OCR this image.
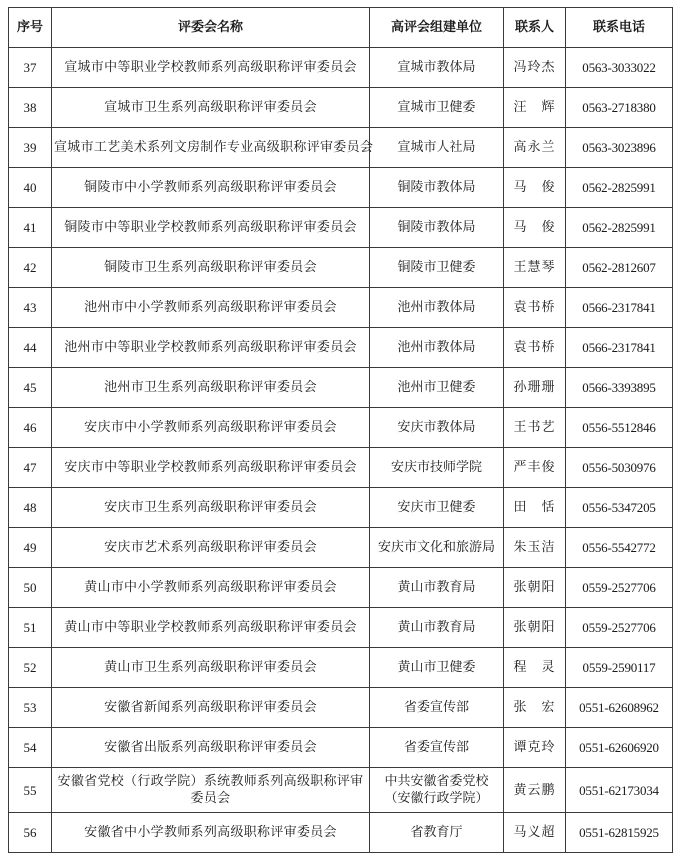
序号	评委会名称	高评会组建单位	联系人	联系电话
37	宣城市中等职业学校教师系列高级职称评审委员会	宣城市教体局	冯玲杰	0563-3033022
38	宣城市卫生系列高级职称评审委员会	宣城市卫健委	汪　辉	0563-2718380
39	宣城市工艺美术系列文房制作专业高级职称评审委员会	宣城市人社局	高永兰	0563-3023896
40	铜陵市中小学教师系列高级职称评审委员会	铜陵市教体局	马　俊	0562-2825991
41	铜陵市中等职业学校教师系列高级职称评审委员会	铜陵市教体局	马　俊	0562-2825991
42	铜陵市卫生系列高级职称评审委员会	铜陵市卫健委	王慧琴	0562-2812607
43	池州市中小学教师系列高级职称评审委员会	池州市教体局	袁书桥	0566-2317841
44	池州市中等职业学校教师系列高级职称评审委员会	池州市教体局	袁书桥	0566-2317841
45	池州市卫生系列高级职称评审委员会	池州市卫健委	孙珊珊	0566-3393895
46	安庆市中小学教师系列高级职称评审委员会	安庆市教体局	王书艺	0556-5512846
47	安庆市中等职业学校教师系列高级职称评审委员会	安庆市技师学院	严丰俊	0556-5030976
48	安庆市卫生系列高级职称评审委员会	安庆市卫健委	田　恬	0556-5347205
49	安庆市艺术系列高级职称评审委员会	安庆市文化和旅游局	朱玉洁	0556-5542772
50	黄山市中小学教师系列高级职称评审委员会	黄山市教育局	张朝阳	0559-2527706
51	黄山市中等职业学校教师系列高级职称评审委员会	黄山市教育局	张朝阳	0559-2527706
52	黄山市卫生系列高级职称评审委员会	黄山市卫健委	程　灵	0559-2590117
53	安徽省新闻系列高级职称评审委员会	省委宣传部	张　宏	0551-62608962
54	安徽省出版系列高级职称评审委员会	省委宣传部	谭克玲	0551-62606920
55	安徽省党校（行政学院）系统教师系列高级职称评审委员会	中共安徽省委党校（安徽行政学院）	黄云鹏	0551-62173034
56	安徽省中小学教师系列高级职称评审委员会	省教育厅	马义超	0551-62815925
